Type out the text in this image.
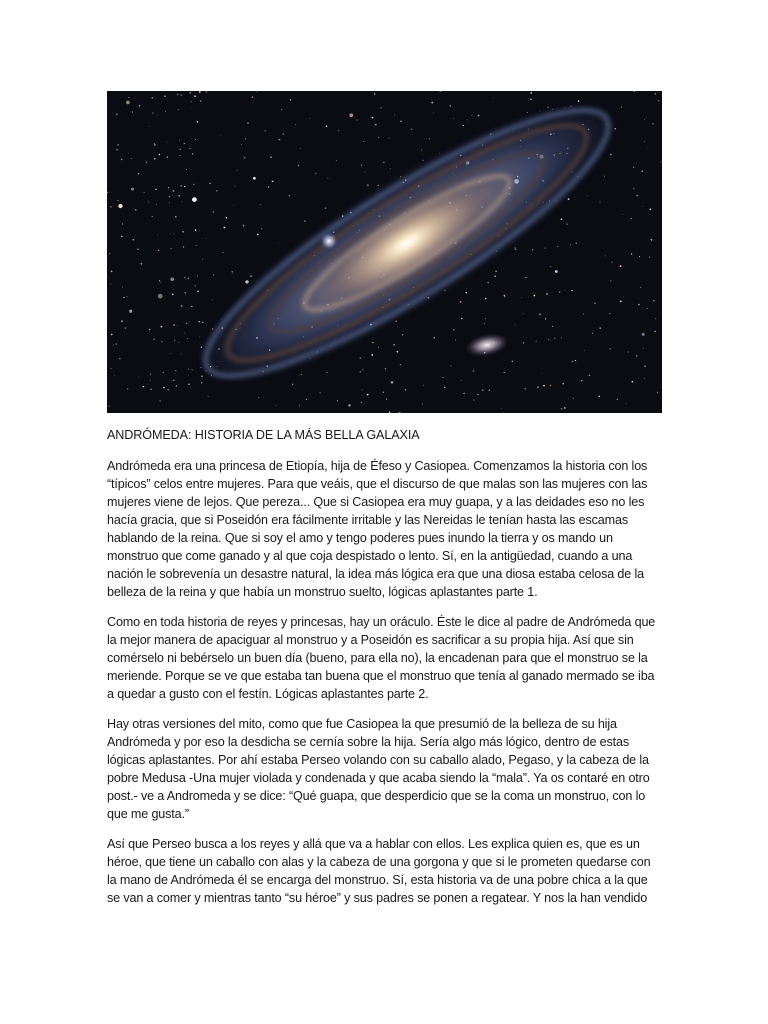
ANDRÓMEDA: HISTORIA DE LA MÁS BELLA GALAXIA

Andrómeda era una princesa de Etiopía, hija de Éfeso y Casiopea. Comenzamos la historia con los “típicos” celos entre mujeres. Para que veáis, que el discurso de que malas son las mujeres con las mujeres viene de lejos. Que pereza... Que si Casiopea era muy guapa, y a las deidades eso no les hacía gracia, que si Poseidón era fácilmente irritable y las Nereidas le tenían hasta las escamas hablando de la reina. Que si soy el amo y tengo poderes pues inundo la tierra y os mando un monstruo que come ganado y al que coja despistado o lento. Sí, en la antigüedad, cuando a una nación le sobrevenía un desastre natural, la idea más lógica era que una diosa estaba celosa de la belleza de la reina y que había un monstruo suelto, lógicas aplastantes parte 1.

Como en toda historia de reyes y princesas, hay un oráculo. Éste le dice al padre de Andrómeda que la mejor manera de apaciguar al monstruo y a Poseidón es sacrificar a su propia hija. Así que sin comérselo ni bebérselo un buen día (bueno, para ella no), la encadenan para que el monstruo se la meriende. Porque se ve que estaba tan buena que el monstruo que tenía al ganado mermado se iba a quedar a gusto con el festín. Lógicas aplastantes parte 2.

Hay otras versiones del mito, como que fue Casiopea la que presumió de la belleza de su hija Andrómeda y por eso la desdicha se cernía sobre la hija. Sería algo más lógico, dentro de estas lógicas aplastantes. Por ahí estaba Perseo volando con su caballo alado, Pegaso, y la cabeza de la pobre Medusa -Una mujer violada y condenada y que acaba siendo la “mala”. Ya os contaré en otro post.- ve a Andromeda y se dice: “Qué guapa, que desperdicio que se la coma un monstruo, con lo que me gusta.”

Así que Perseo busca a los reyes y allá que va a hablar con ellos. Les explica quien es, que es un héroe, que tiene un caballo con alas y la cabeza de una gorgona y que si le prometen quedarse con la mano de Andrómeda él se encarga del monstruo. Sí, esta historia va de una pobre chica a la que se van a comer y mientras tanto “su héroe” y sus padres se ponen a regatear. Y nos la han vendido
